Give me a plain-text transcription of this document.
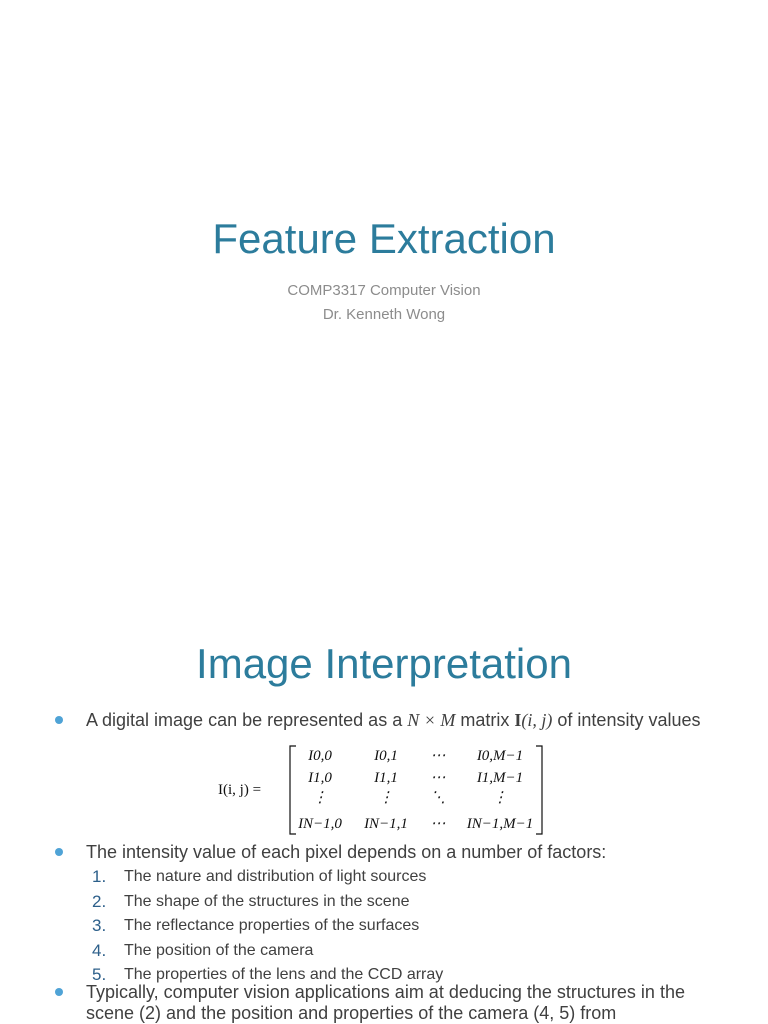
Feature Extraction
COMP3317 Computer Vision
Dr. Kenneth Wong
Image Interpretation
A digital image can be represented as a N × M matrix I(i, j) of intensity values
I(i, j) =
I0,0	I0,1 ⋯ I0,M−1
I1,0	I1,1 ⋯ I1,M−1
⋮	⋮ ⋱	⋮
IN−1,0 IN−1,1 ⋯ IN−1,M−1
The intensity value of each pixel depends on a number of factors:
1.	The nature and distribution of light sources
2.	The shape of the structures in the scene
3.	The reflectance properties of the surfaces
4.	The position of the camera
5.	The properties of the lens and the CCD array
Typically, computer vision applications aim at deducing the structures in the scene (2) and the position and properties of the camera (4, 5) from
